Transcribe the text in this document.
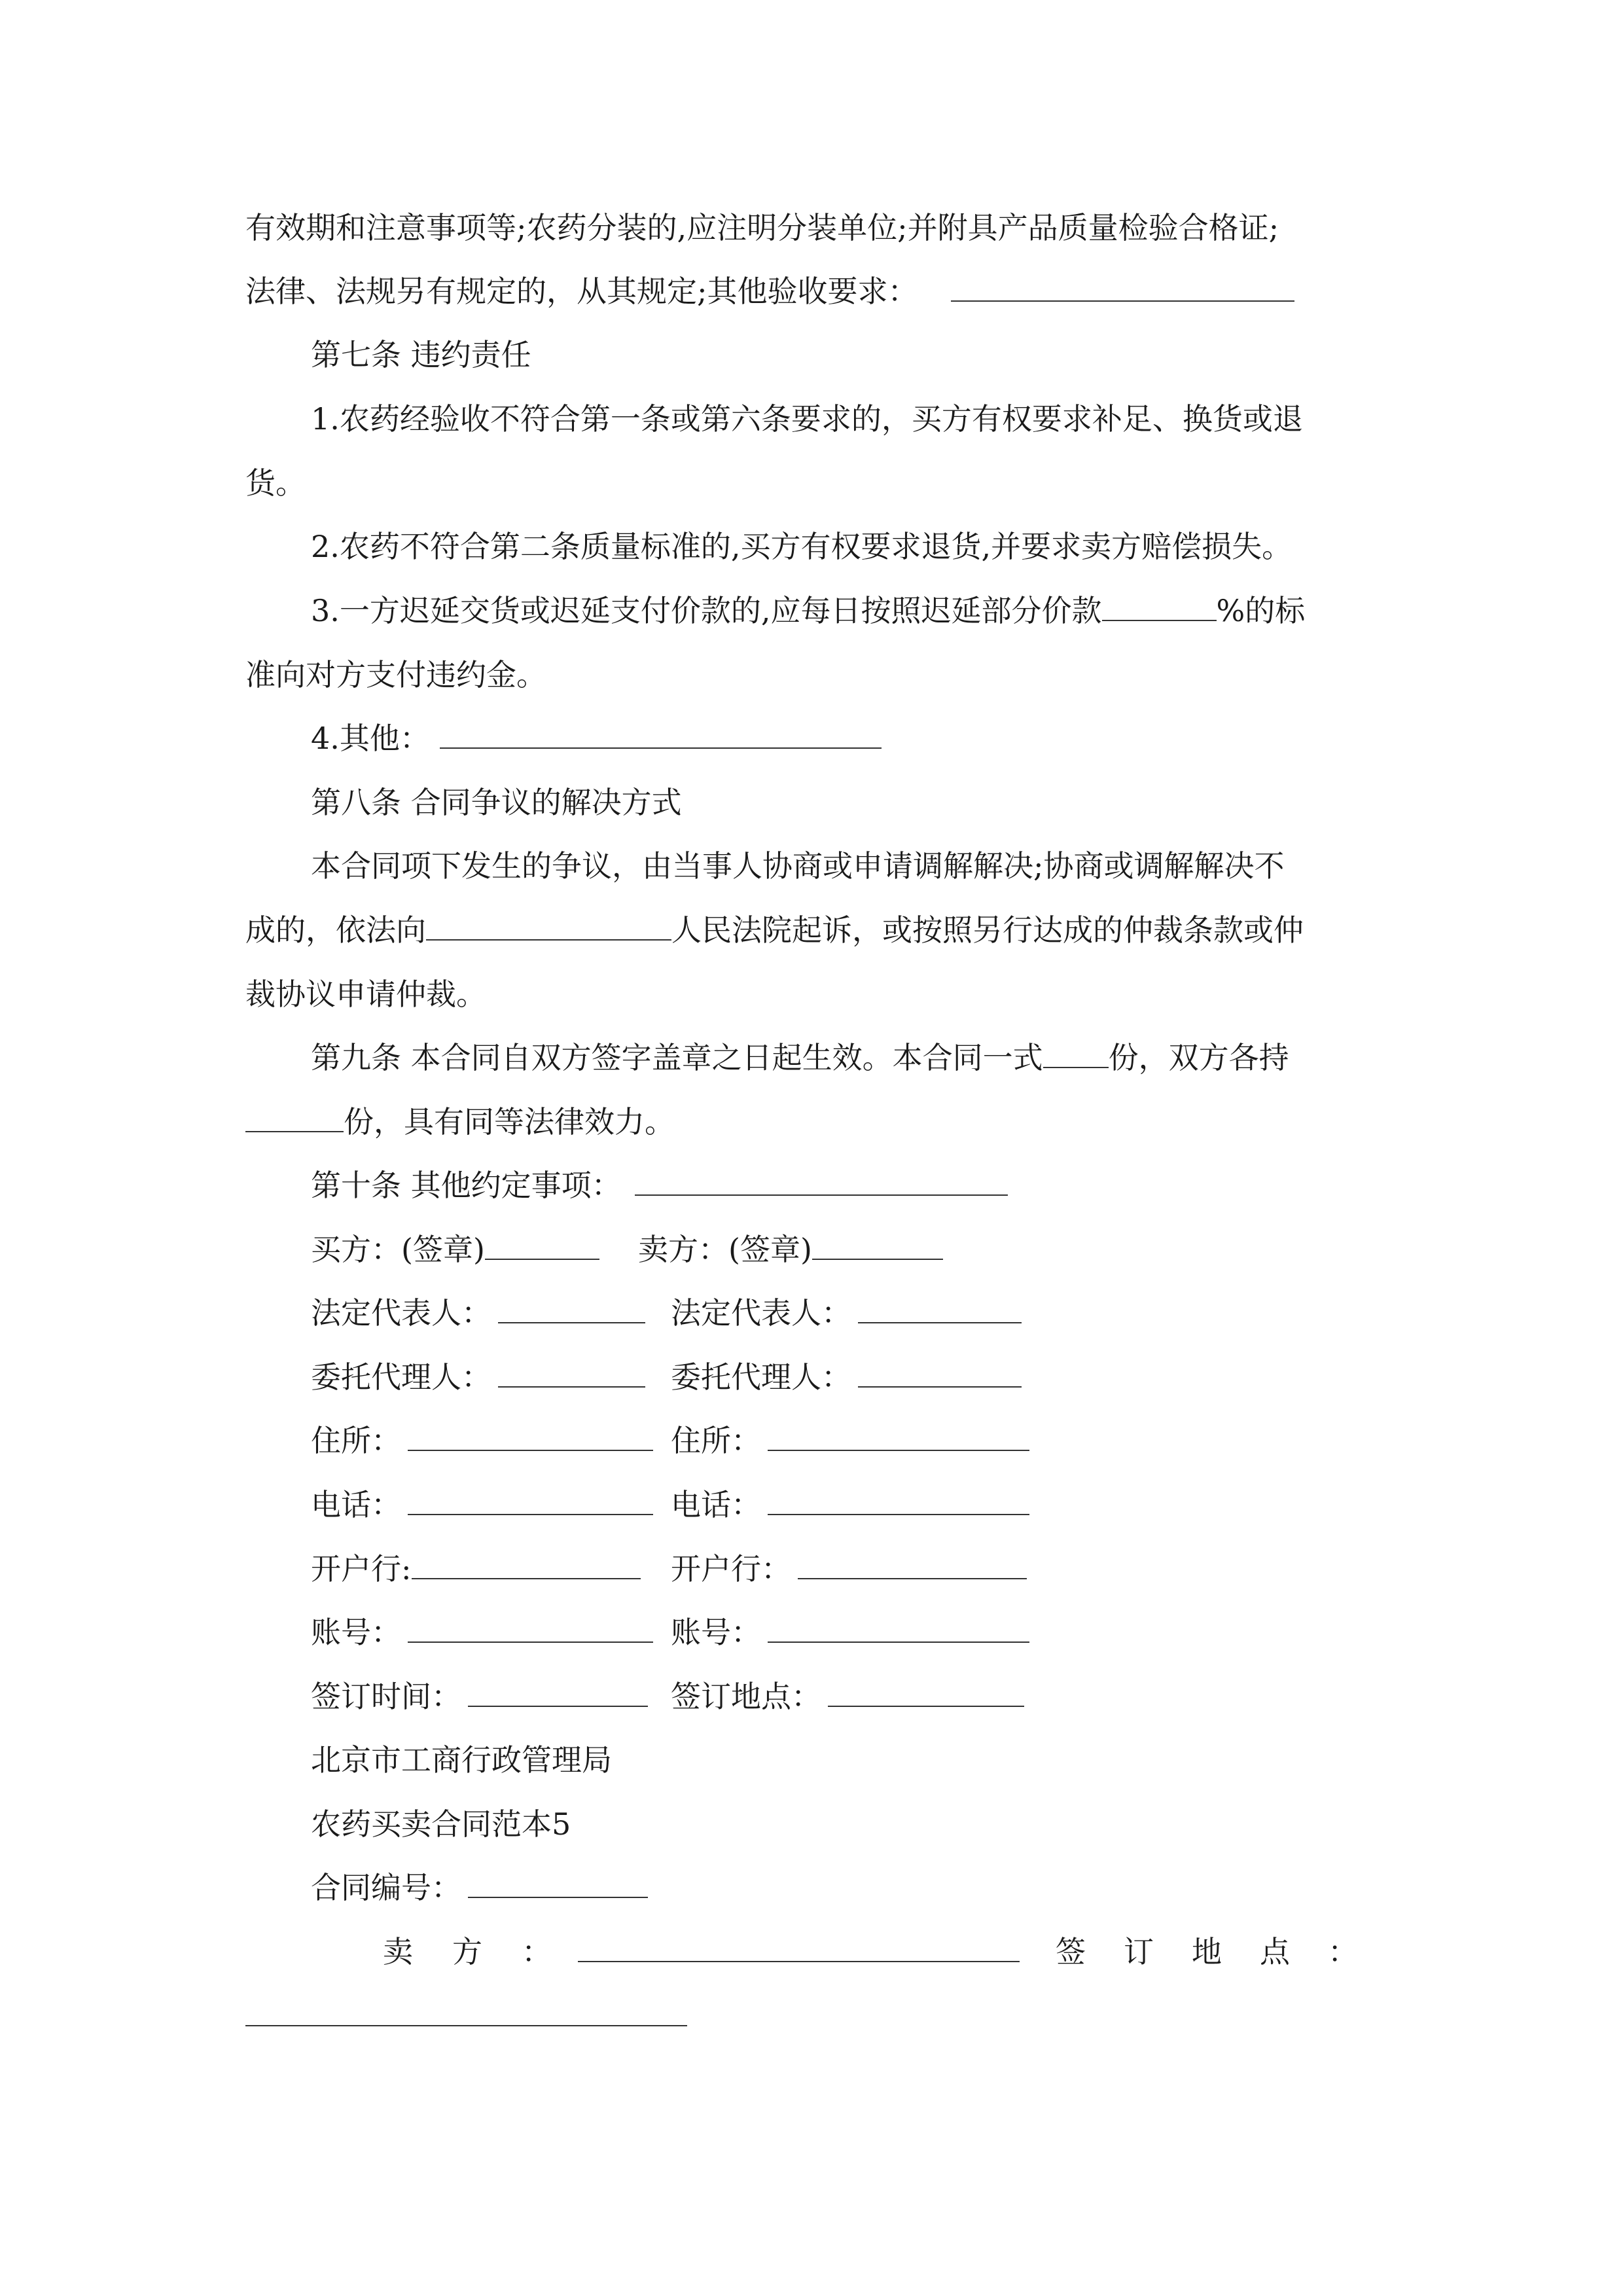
有效期和注意事项等;农药分装的,应注明分装单位;并附具产品质量检验合格证;
法律、法规另有规定的，从其规定;其他验收要求：
第七条 违约责任
1.农药经验收不符合第一条或第六条要求的，买方有权要求补足、换货或退
货。
2.农药不符合第二条质量标准的,买方有权要求退货,并要求卖方赔偿损失。
3.一方迟延交货或迟延支付价款的,应每日按照迟延部分价款	%的标
准向对方支付违约金。
4.其他：
第八条 合同争议的解决方式
本合同项下发生的争议，由当事人协商或申请调解解决;协商或调解解决不
成的，依法向	人民法院起诉，或按照另行达成的仲裁条款或仲
裁协议申请仲裁。
第九条 本合同自双方签字盖章之日起生效。本合同一式 份，双方各持
份，具有同等法律效力。
第十条 其他约定事项：
买方：(签章)	卖方：(签章)
法定代表人：	法定代表人：
委托代理人：	委托代理人：
住所：	住所：
电话：	电话：
开户行:	开户行：
账号：	账号：
签订时间：	签订地点：
北京市工商行政管理局
农药买卖合同范本5
合同编号：
卖 方 ：	签 订 地 点 ：
